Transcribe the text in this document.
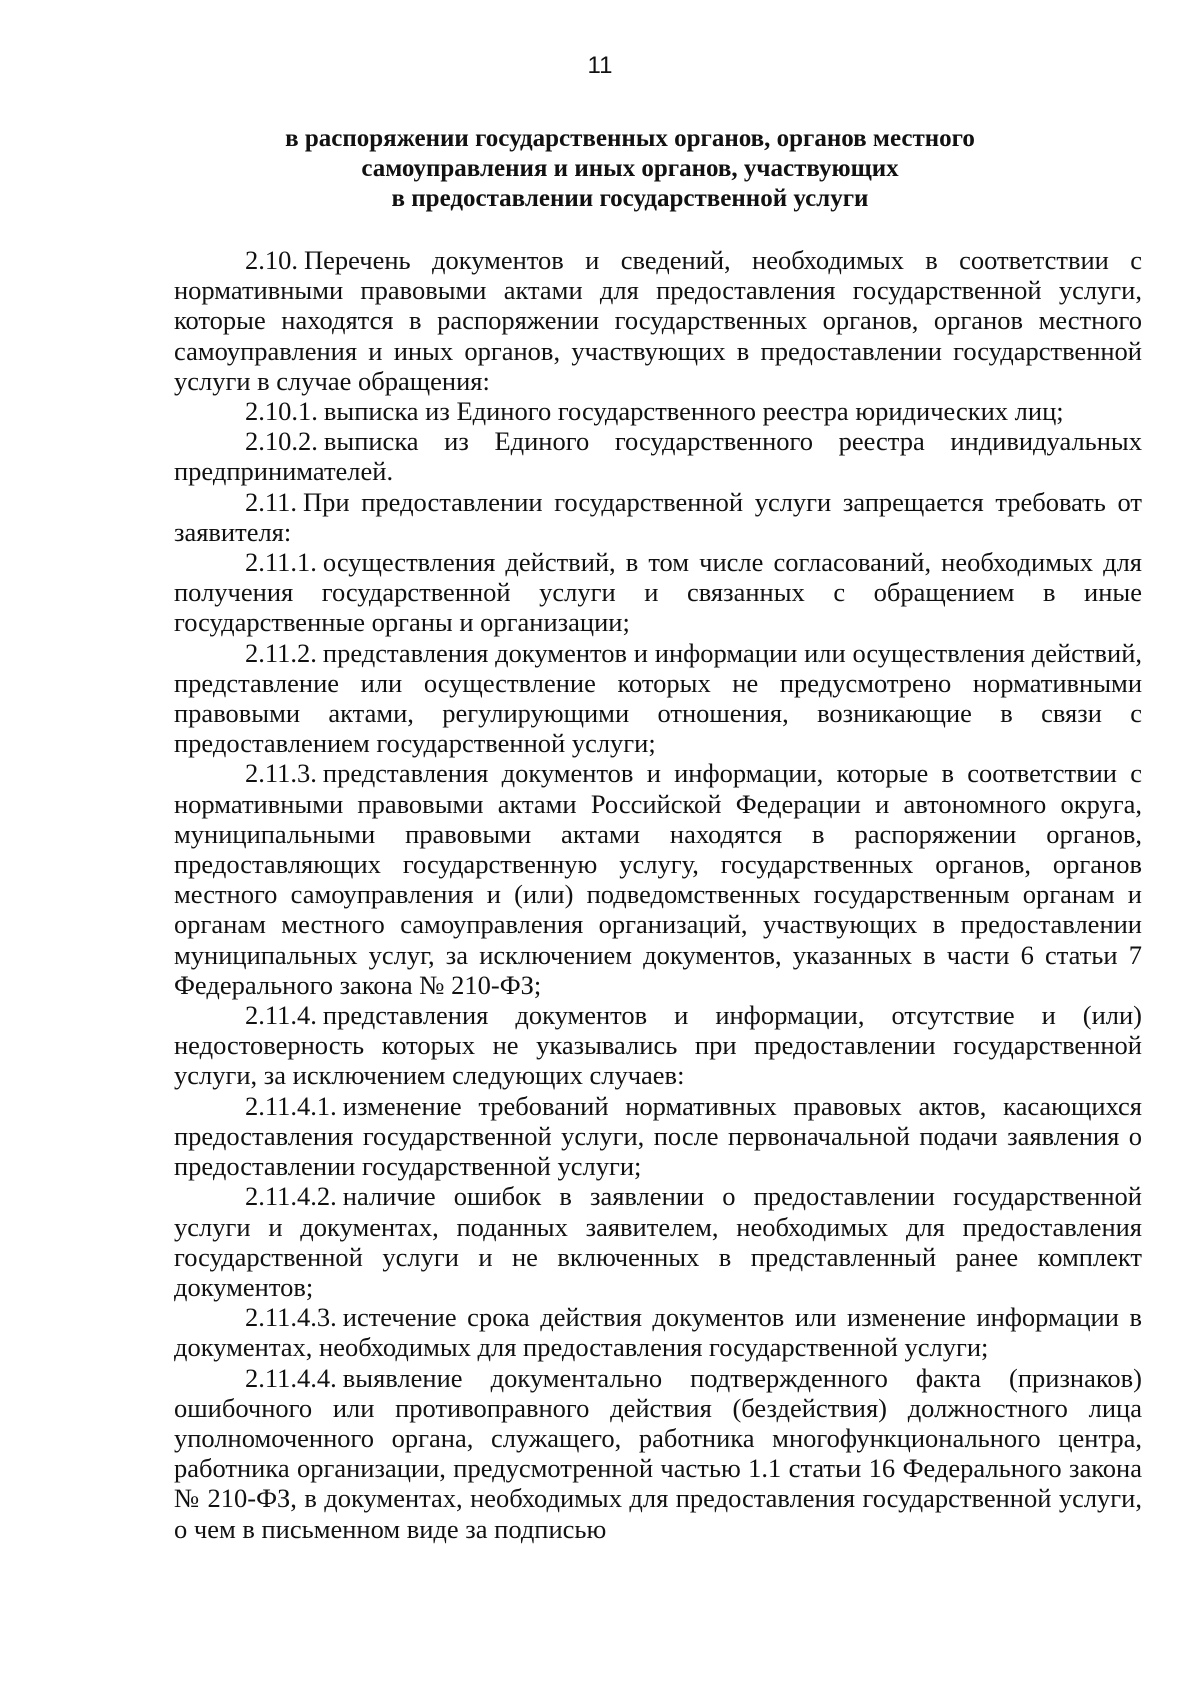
11
в распоряжении государственных органов, органов местного
самоуправления и иных органов, участвующих
в предоставлении государственной услуги

2.10. Перечень документов и сведений, необходимых в соответствии с нормативными правовыми актами для предоставления государственной услуги, которые находятся в распоряжении государственных органов, органов местного самоуправления и иных органов, участвующих в предоставлении государственной услуги в случае обращения:

2.10.1. выписка из Единого государственного реестра юридических лиц;

2.10.2. выписка из Единого государственного реестра индивидуальных предпринимателей.

2.11. При предоставлении государственной услуги запрещается требовать от заявителя:

2.11.1. осуществления действий, в том числе согласований, необходимых для получения государственной услуги и связанных с обращением в иные государственные органы и организации;

2.11.2. представления документов и информации или осуществления действий, представление или осуществление которых не предусмотрено нормативными правовыми актами, регулирующими отношения, возникающие в связи с предоставлением государственной услуги;

2.11.3. представления документов и информации, которые в соответствии с нормативными правовыми актами Российской Федерации и автономного округа, муниципальными правовыми актами находятся в распоряжении органов, предоставляющих государственную услугу, государственных органов, органов местного самоуправления и (или) подведомственных государственным органам и органам местного самоуправления организаций, участвующих в предоставлении муниципальных услуг, за исключением документов, указанных в части 6 статьи 7 Федерального закона № 210-ФЗ;

2.11.4. представления документов и информации, отсутствие и (или) недостоверность которых не указывались при предоставлении государственной услуги, за исключением следующих случаев:

2.11.4.1. изменение требований нормативных правовых актов, касающихся предоставления государственной услуги, после первоначальной подачи заявления о предоставлении государственной услуги;

2.11.4.2. наличие ошибок в заявлении о предоставлении государственной услуги и документах, поданных заявителем, необходимых для предоставления государственной услуги и не включенных в представленный ранее комплект документов;

2.11.4.3. истечение срока действия документов или изменение информации в документах, необходимых для предоставления государственной услуги;

2.11.4.4. выявление документально подтвержденного факта (признаков) ошибочного или противоправного действия (бездействия) должностного лица уполномоченного органа, служащего, работника многофункционального центра, работника организации, предусмотренной частью 1.1 статьи 16 Федерального закона № 210-ФЗ, в документах, необходимых для предоставления государственной услуги, о чем в письменном виде за подписью
